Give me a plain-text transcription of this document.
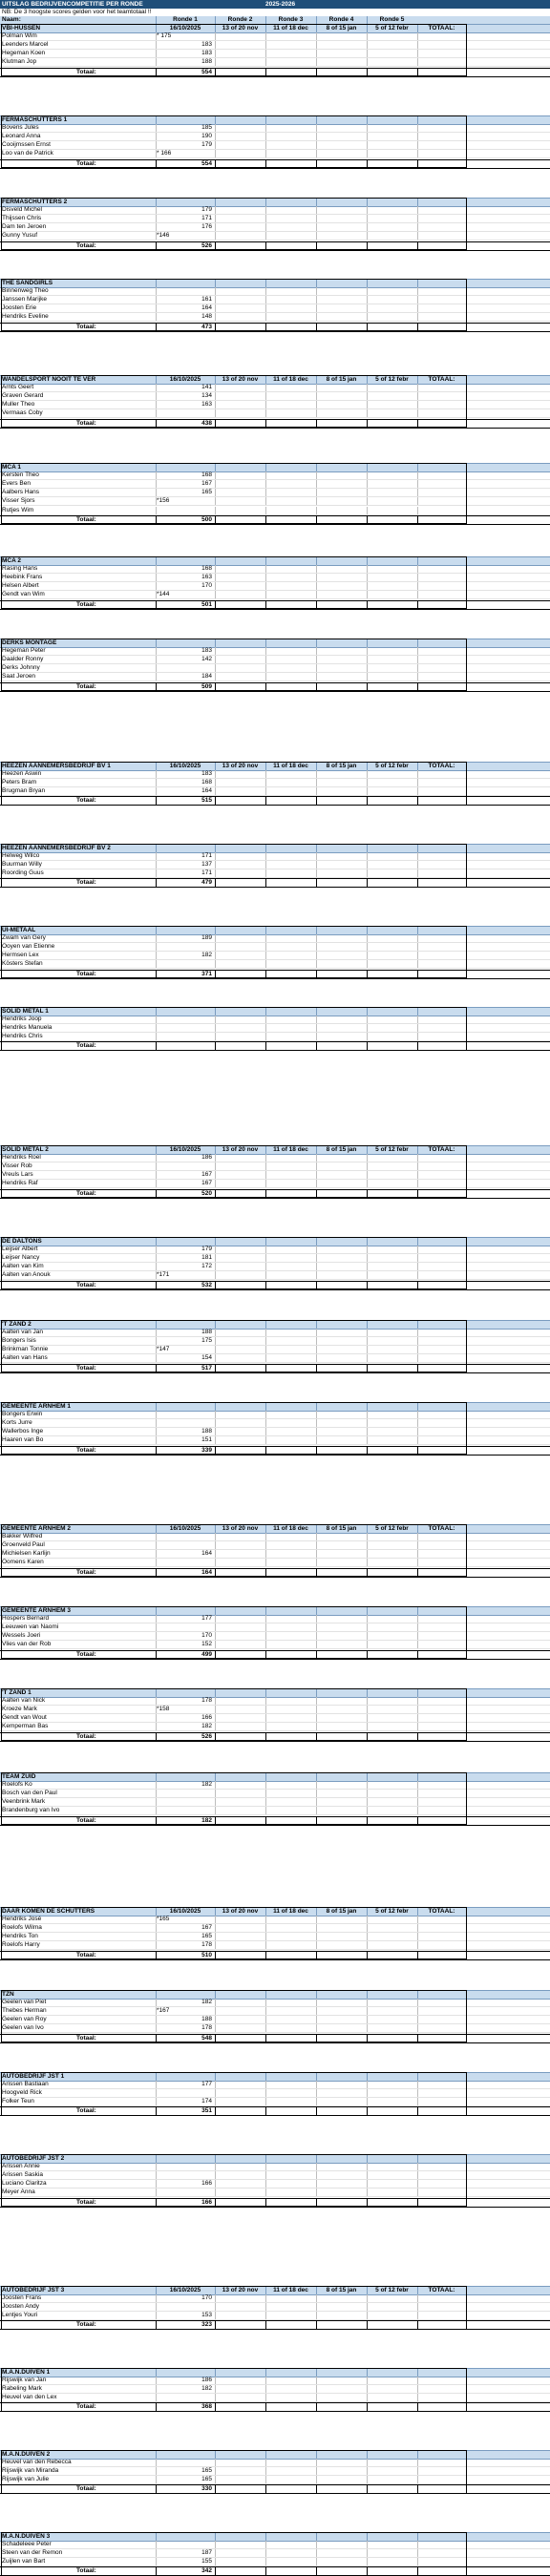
UITSLAG BEDRIJVENCOMPETITIE PER RONDE	2025-2026
NB: De 3 hoogste scores gelden voor het teamtotaal !!
Naam:	Ronde 1	Ronde 2	Ronde 3	Ronde 4	Ronde 5
VBI-HUSSEN	16/10/2025	13 of 20 nov	11 of 18 dec	8 of 15 jan	5 of 12 febr	TOTAAL:
Polman Wim	* 175
Leenders Marcel	183
Hegeman Koen	183
Klutman Jop	188
Totaal:	554
FERMASCHUTTERS 1
Bovens Jules	185
Leonard Anna	190
Cooijmssen Ernst	179
Loo van de Patrick	* 166
Totaal:	554
FERMASCHUTTERS 2
Disveld Michel	179
Thijssen Chris	171
Dam ten Jeroen	176
Gunny Yusuf	*146
Totaal:	526
THE SANDGIRLS
Binnenweg Theo
Janssen Marijke	161
Joosten Erie	164
Hendriks Eveline	148
Totaal:	473
WANDELSPORT NOOIT TE VER	16/10/2025	13 of 20 nov	11 of 18 dec	8 of 15 jan	5 of 12 febr	TOTAAL:
Arnts Geert	141
Graven Gerard	134
Muller Theo	163
Vermaas Coby
Totaal:	438
MCA 1
Kersten Theo	168
Evers Ben	167
Aalbers Hans	165
Visser Sjors	*156
Rutjes Wim
Totaal:	500
MCA 2
Rasing Hans	168
Heebink Frans	163
Helsen Albert	170
Gendt van Wim	*144
Totaal:	501
DERKS MONTAGE
Hegeman Peter	183
Daalder Ronny	142
Derks Johnny
Saat Jeroen	184
Totaal:	509
HEEZEN AANNEMERSBEDRIJF BV 1	16/10/2025	13 of 20 nov	11 of 18 dec	8 of 15 jan	5 of 12 febr	TOTAAL:
Heezen Aswin	183
Peters Bram	168
Brugman Bryan	164
Totaal:	515
HEEZEN AANNEMERSBEDRIJF BV 2
Helweg Wilco	171
Buurman Willy	137
Roording Guus	171
Totaal:	479
UI-METAAL
Zwam van Gery	189
Ooyen van Etienne
Hermsen Lex	182
Kösters Stefan
Totaal:	371
SOLID METAL 1
Hendriks Joop
Hendriks Manuela
Hendriks Chris
Totaal:
SOLID METAL 2	16/10/2025	13 of 20 nov	11 of 18 dec	8 of 15 jan	5 of 12 febr	TOTAAL:
Hendriks Roel	186
Visser Rob
Vreuls Lars	167
Hendriks Raf	167
Totaal:	520
DE DALTONS
Leijser Albert	179
Leijser Nancy	181
Aalten van Kim	172
Aalten van Anouk	*171
Totaal:	532
'T ZAND 2
Aalten van Jan	188
Bongers Isis	175
Brinkman Tonnie	*147
Aalten van Hans	154
Totaal:	517
GEMEENTE ARNHEM 1
Bongers Erwin
Korts Jurre
Wallerbos Inge	188
Haaren van Bo	151
Totaal:	339
GEMEENTE ARNHEM 2	16/10/2025	13 of 20 nov	11 of 18 dec	8 of 15 jan	5 of 12 febr	TOTAAL:
Bakker Wilfred
Groenveld Paul
Michielsen Karlijn	164
Oomens Karen
Totaal:	164
GEMEENTE ARNHEM 3
Hospers Bernard	177
Leeuwen van Naomi
Wessels Joeri	170
Vlies van der Rob	152
Totaal:	499
'T ZAND 1
Aalten van Nick	178
Kroeze Mark	*158
Gendt van Wout	166
Kemperman Bas	182
Totaal:	526
TEAM ZUID
Roelofs Ko	182
Bosch van den Paul
Veenbrink Mark
Brandenburg van Ivo
Totaal:	182
DAAR KOMEN DE SCHUTTERS	16/10/2025	13 of 20 nov	11 of 18 dec	8 of 15 jan	5 of 12 febr	TOTAAL:
Hendriks José	*165
Roelofs Wilma	167
Hendriks Ton	165
Roelofs Harry	178
Totaal:	510
TZN
Geelen van Piet	182
Thebes Herman	*167
Geelen van Roy	188
Geelen van Ivo	178
Totaal:	548
AUTOBEDRIJF JST 1
Arissen Bastiaan	177
Hoogveld Rick
Folker Teun	174
Totaal:	351
AUTOBEDRIJF JST 2
Arissen Annie
Arissen Saskia
Luciano Claritza	166
Meyer Anna
Totaal:	166
AUTOBEDRIJF JST 3	16/10/2025	13 of 20 nov	11 of 18 dec	8 of 15 jan	5 of 12 febr	TOTAAL:
Joosten Frans	170
Joosten Andy
Lentjes Youri	153
Totaal:	323
M.A.N.DUIVEN 1
Rijswijk van Jan	186
Rabeling Mark	182
Heuvel van den Lex
Totaal:	368
M.A.N.DUIVEN 2
Heuvel van den Rebecca
Rijswijk van Miranda	165
Rijswijk van Julie	165
Totaal:	330
M.A.N.DUIVEN 3
Schadeleee Peter
Steen van der Remon	187
Zuijlen van Bart	155
Totaal:	342
